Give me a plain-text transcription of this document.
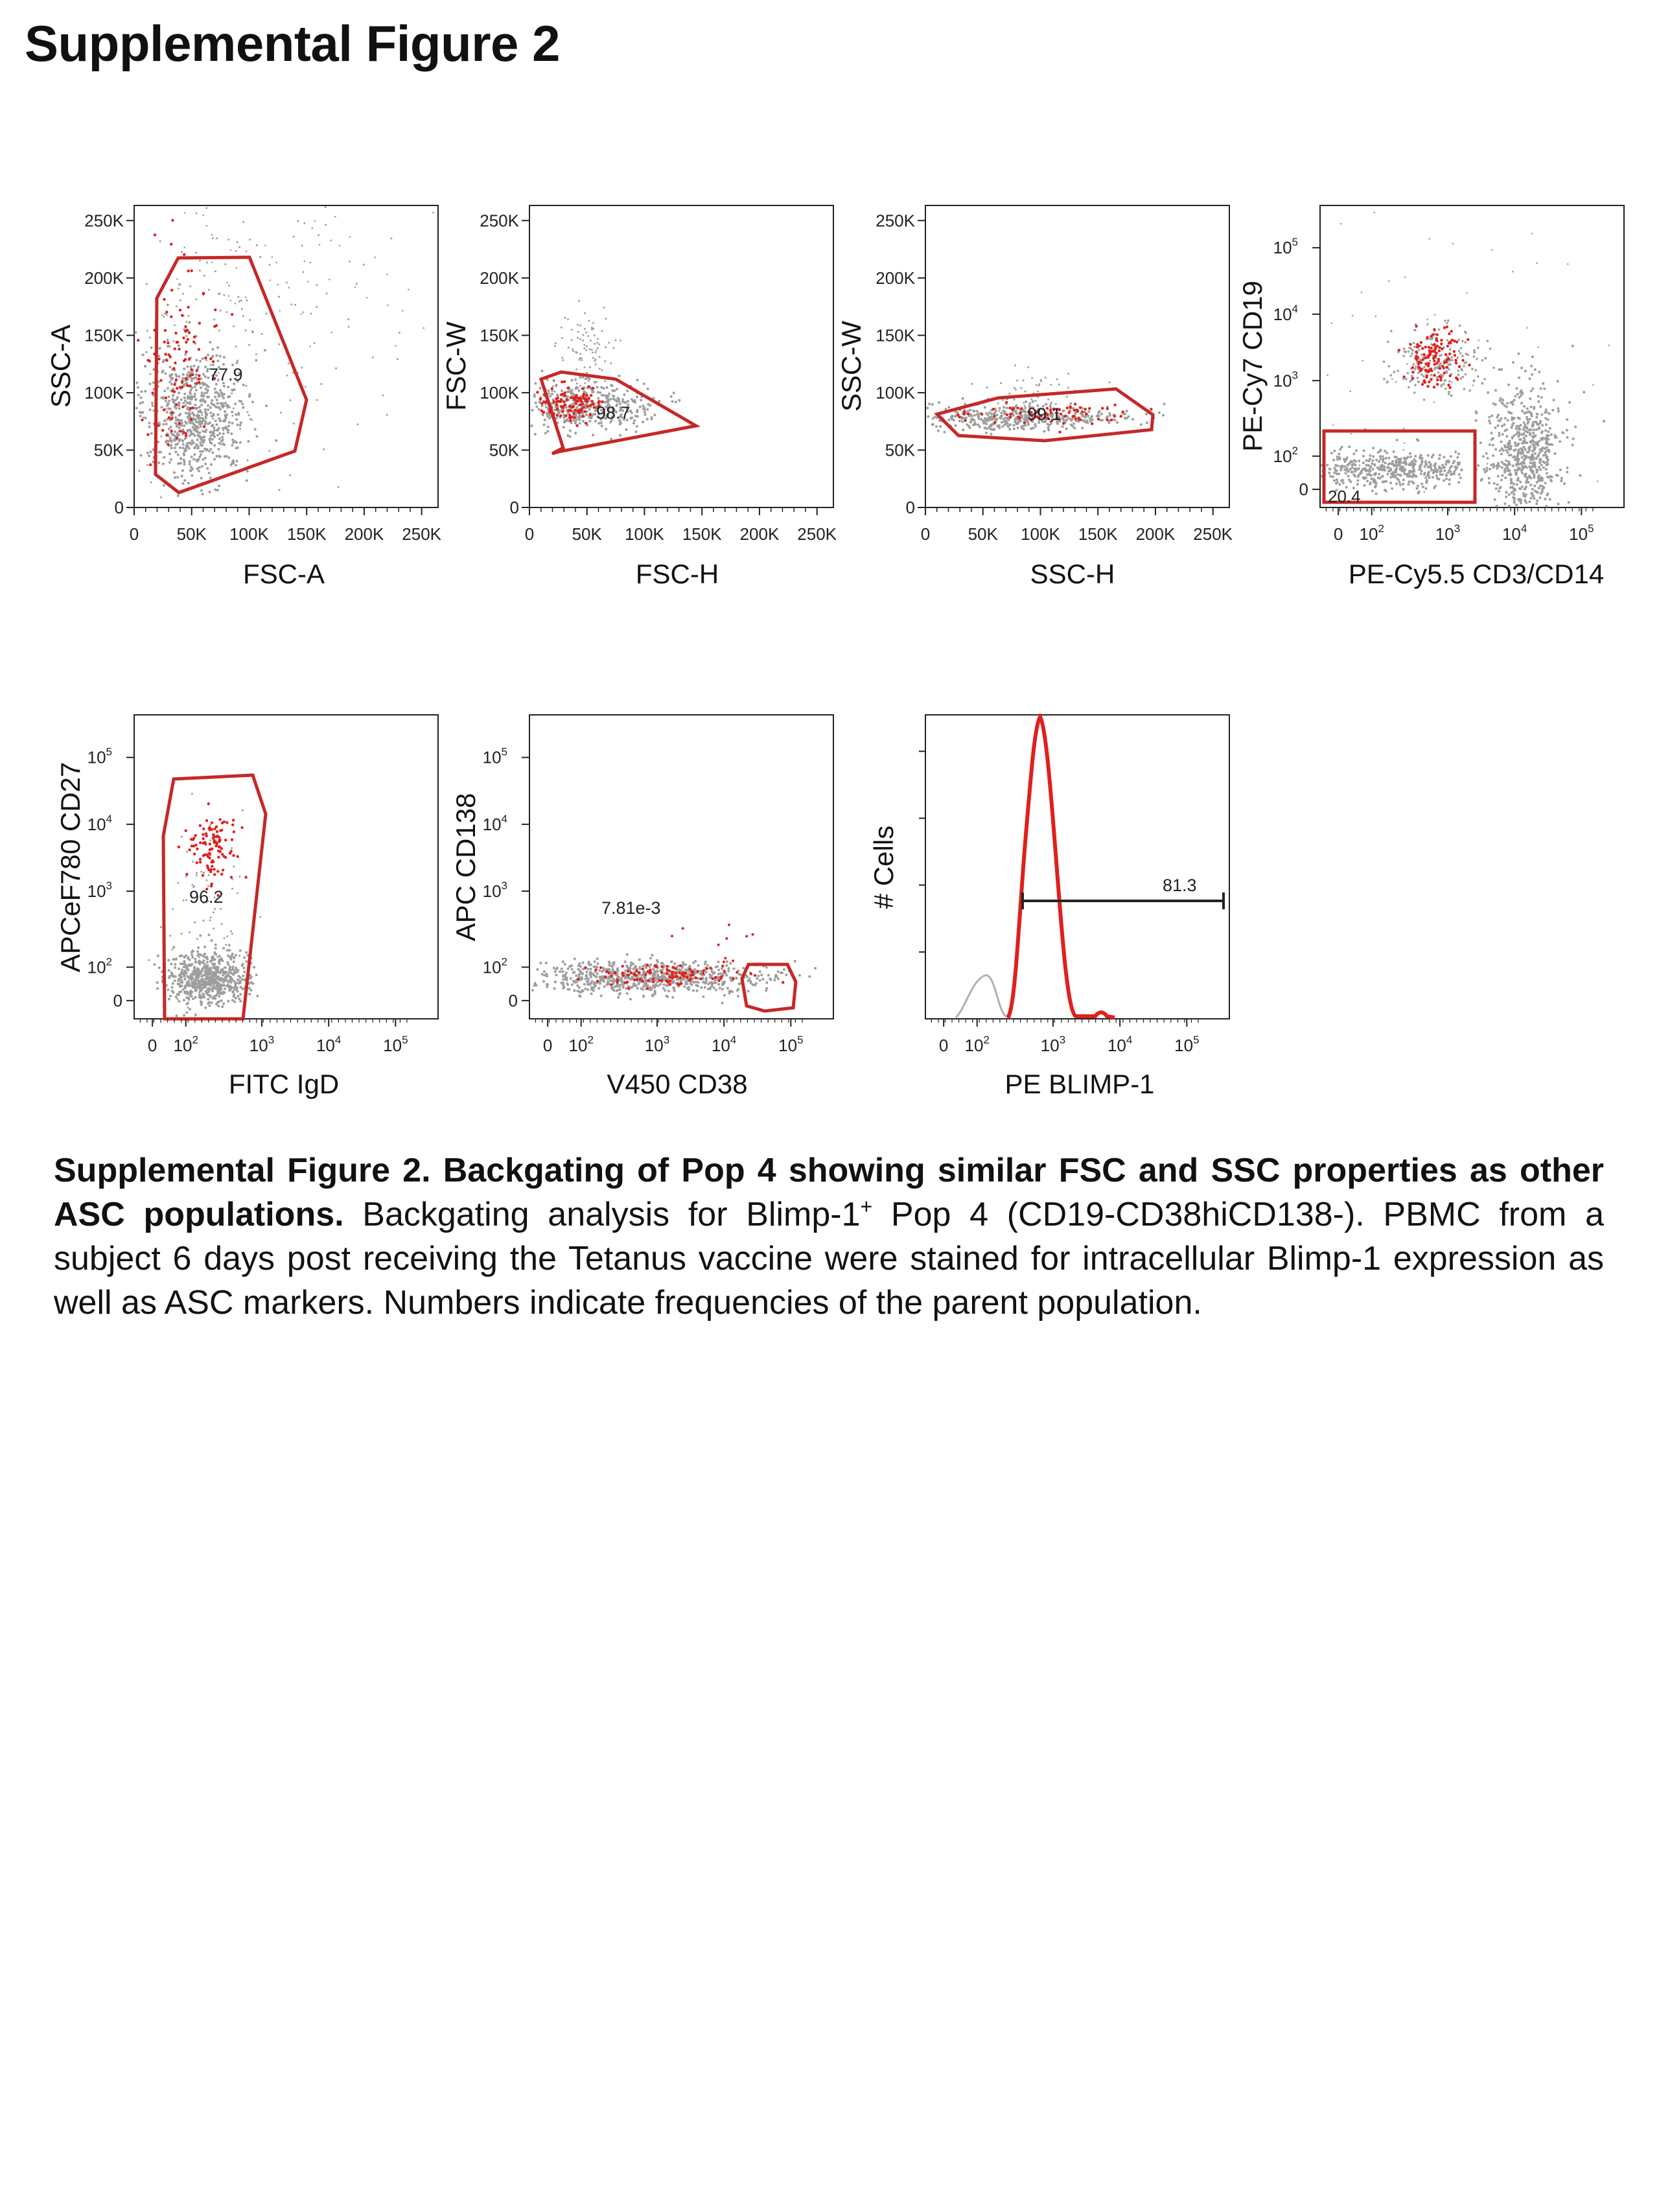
Supplemental Figure 2
77.9
0 50K 100K 150K 200K 250K
0
50K
100K
150K
200K
250K
FSC-A
SSC-A
98.7
0 50K 100K 150K 200K 250K
0
50K
100K
150K
200K
250K
FSC-H
FSC-W
99.1
0 50K 100K 150K 200K 250K
0
50K
100K
150K
200K
250K
SSC-H
SSC-W
20.4
0 $10^2$	$10^3$ $10^4$ $10^5$
0
$10^2$
$10^3$
$10^4$
$10^5$
PE-Cy5.5 CD3/CD14
PE-Cy7 CD19
96.2
0 $10^2$	$10^3$ $10^4$ $10^5$
0
$10^2$
$10^3$
$10^4$
$10^5$
FITC IgD
APCeF780 CD27	7.81e-3
0 $10^2$	$10^3$ $10^4$ $10^5$
0
$10^2$
$10^3$
$10^4$
$10^5$
V450 CD38
APC CD138	81.3
0 $10^2$	$10^3$ $10^4$ $10^5$
PE BLIMP-1
# Cells
Supplemental Figure 2. Backgating of Pop 4 showing similar FSC and SSC properties as other ASC populations. Backgating analysis for Blimp-1+ Pop 4 (CD19-CD38hiCD138-). PBMC from a subject 6 days post receiving the Tetanus vaccine were stained for intracellular Blimp-1 expression as well as ASC markers. Numbers indicate frequencies of the parent population.
